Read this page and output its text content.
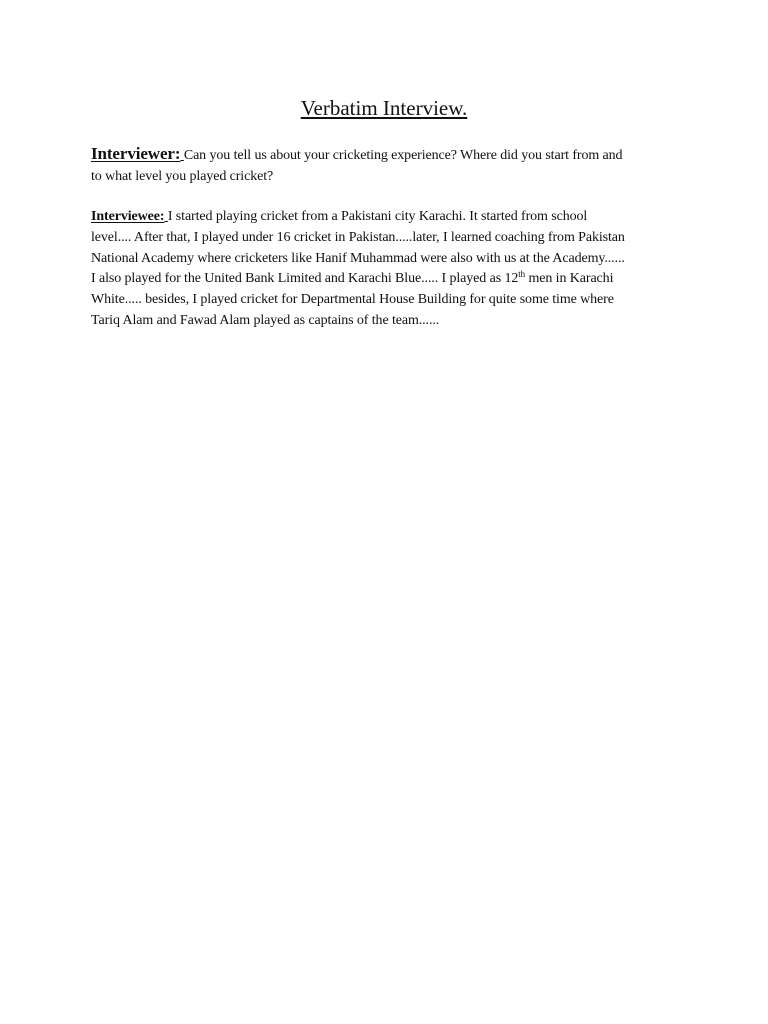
Verbatim Interview.

Interviewer: Can you tell us about your cricketing experience? Where did you start from and
to what level you played cricket?

Interviewee: I started playing cricket from a Pakistani city Karachi. It started from school
level.... After that, I played under 16 cricket in Pakistan.....later, I learned coaching from Pakistan
National Academy where cricketers like Hanif Muhammad were also with us at the Academy......
I also played for the United Bank Limited and Karachi Blue..... I played as 12th men in Karachi
White..... besides, I played cricket for Departmental House Building for quite some time where
Tariq Alam and Fawad Alam played as captains of the team......
